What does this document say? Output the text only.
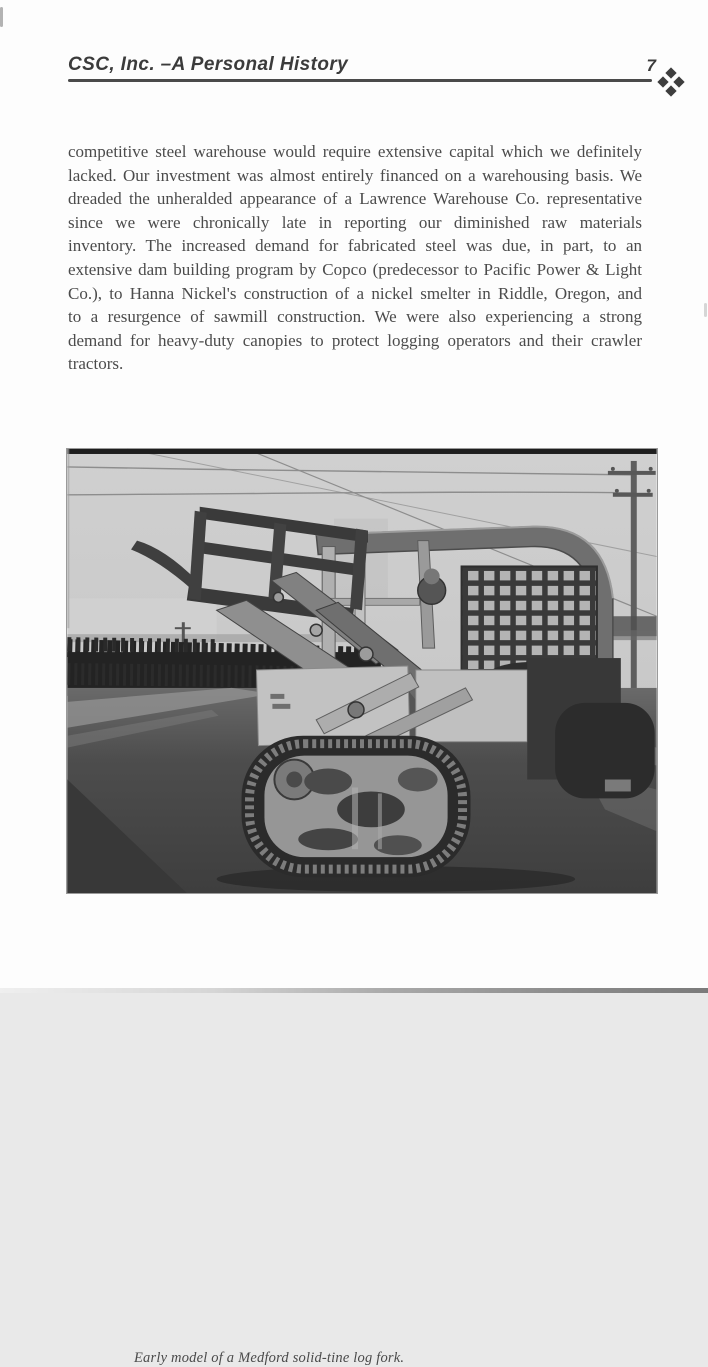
CSC, Inc. –A Personal History	7

competitive steel warehouse would require extensive capital which we definitely lacked. Our investment was almost entirely financed on a warehousing basis. We dreaded the unheralded appearance of a Lawrence Warehouse Co. representative since we were chronically late in reporting our diminished raw materials inventory. The increased demand for fabricated steel was due, in part, to an extensive dam building program by Copco (predecessor to Pacific Power & Light Co.), to Hanna Nickel's construction of a nickel smelter in Riddle, Oregon, and to a resurgence of sawmill construction. We were also experiencing a strong demand for heavy-duty canopies to protect logging operators and their crawler tractors.

Early model of a Medford solid-tine log fork.
